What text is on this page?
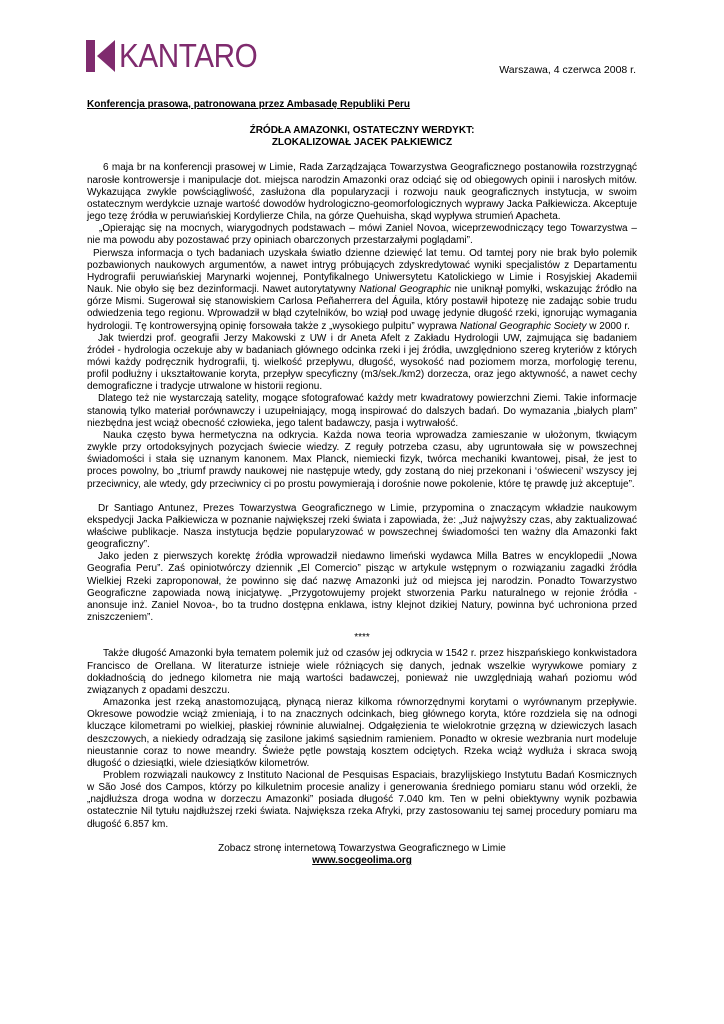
KANTARO	Warszawa, 4 czerwca 2008 r.
Konferencja prasowa, patronowana przez Ambasadę Republiki Peru
ŹRÓDŁA AMAZONKI, OSTATECZNY WERDYKT:
ZLOKALIZOWAŁ JACEK PAŁKIEWICZ

6 maja br na konferencji prasowej w Limie, Rada Zarządzająca Towarzystwa Geograficznego postanowiła rozstrzygnąć narosłe kontrowersje i manipulacje dot. miejsca narodzin Amazonki oraz odciąć się od obiegowych opinii i narosłych mitów. Wykazująca zwykle powściągliwość, zasłużona dla popularyzacji i rozwoju nauk geograficznych instytucja, w swoim ostatecznym werdykcie uznaje wartość dowodów hydrologiczno-geomorfologicznych wyprawy Jacka Pałkiewicza. Akceptuje jego tezę źródła w peruwiańskiej Kordylierze Chila, na górze Quehuisha, skąd wypływa strumień Apacheta.

„Opierając się na mocnych, wiarygodnych podstawach – mówi Zaniel Novoa, wiceprzewodniczący tego Towarzystwa – nie ma powodu aby pozostawać przy opiniach obarczonych przestarzałymi poglądami”.

Pierwsza informacja o tych badaniach uzyskała światło dzienne dziewięć lat temu. Od tamtej pory nie brak było polemik pozbawionych naukowych argumentów, a nawet intryg próbujących zdyskredytować wyniki specjalistów z Departamentu Hydrografii peruwiańskiej Marynarki wojennej, Pontyfikalnego Uniwersytetu Katolickiego w Limie i Rosyjskiej Akademii Nauk. Nie obyło się bez dezinformacji. Nawet autorytatywny National Geographic nie uniknął pomyłki, wskazując źródło na górze Mismi. Sugerował się stanowiskiem Carlosa Peñaherrera del Águila, który postawił hipotezę nie zadając sobie trudu odwiedzenia tego regionu. Wprowadził w błąd czytelników, bo wziął pod uwagę jedynie długość rzeki, ignorując wymagania hydrologii. Tę kontrowersyjną opinię forsowała także z „wysokiego pulpitu” wyprawa National Geographic Society w 2000 r.

Jak twierdzi prof. geografii Jerzy Makowski z UW i dr Aneta Afelt z Zakładu Hydrologii UW, zajmująca się badaniem źródeł - hydrologia oczekuje aby w badaniach głównego odcinka rzeki i jej źródła, uwzględniono szereg kryteriów z których mówi każdy podręcznik hydrografii, tj. wielkość przepływu, długość, wysokość nad poziomem morza, morfologię terenu, profil podłużny i ukształtowanie koryta, przepływ specyficzny (m3/sek./km2) dorzecza, oraz jego aktywność, a nawet cechy demograficzne i tradycje utrwalone w historii regionu.

Dlatego też nie wystarczają satelity, mogące sfotografować każdy metr kwadratowy powierzchni Ziemi. Takie informacje stanowią tylko materiał porównawczy i uzupełniający, mogą inspirować do dalszych badań. Do wymazania „białych plam” niezbędna jest wciąż obecność człowieka, jego talent badawczy, pasja i wytrwałość.

Nauka często bywa hermetyczna na odkrycia. Każda nowa teoria wprowadza zamieszanie w ułożonym, tkwiącym zwykle przy ortodoksyjnych pozycjach świecie wiedzy. Z reguły potrzeba czasu, aby ugruntowała się w powszechnej świadomości i stała się uznanym kanonem. Max Planck, niemiecki fizyk, twórca mechaniki kwantowej, pisał, że jest to proces powolny, bo „triumf prawdy naukowej nie następuje wtedy, gdy zostaną do niej przekonani i ‘oświeceni’ wszyscy jej przeciwnicy, ale wtedy, gdy przeciwnicy ci po prostu powymierają i dorośnie nowe pokolenie, które tę prawdę już akceptuje”.

Dr Santiago Antunez, Prezes Towarzystwa Geograficznego w Limie, przypomina o znaczącym wkładzie naukowym ekspedycji Jacka Pałkiewicza w poznanie największej rzeki świata i zapowiada, że: „Już najwyższy czas, aby zaktualizować właściwe publikacje. Nasza instytucja będzie popularyzować w powszechnej świadomości ten ważny dla Amazonki fakt geograficzny”.

Jako jeden z pierwszych korektę źródła wprowadził niedawno limeński wydawca Milla Batres w encyklopedii „Nowa Geografia Peru”. Zaś opiniotwórczy dziennik „El Comercio” pisząc w artykule wstępnym o rozwiązaniu zagadki źródła Wielkiej Rzeki zaproponował, że powinno się dać nazwę Amazonki już od miejsca jej narodzin. Ponadto Towarzystwo Geograficzne zapowiada nową inicjatywę. „Przygotowujemy projekt stworzenia Parku naturalnego w rejonie źródła - anonsuje inż. Zaniel Novoa-, bo ta trudno dostępna enklawa, istny klejnot dzikiej Natury, powinna być uchroniona przed zniszczeniem”.

****

Także długość Amazonki była tematem polemik już od czasów jej odkrycia w 1542 r. przez hiszpańskiego konkwistadora Francisco de Orellana. W literaturze istnieje wiele różniących się danych, jednak wszelkie wyrywkowe pomiary z dokładnością do jednego kilometra nie mają wartości badawczej, ponieważ nie uwzględniają wahań poziomu wód związanych z opadami deszczu.

Amazonka jest rzeką anastomozującą, płynącą nieraz kilkoma równorzędnymi korytami o wyrównanym przepływie. Okresowe powodzie wciąż zmieniają, i to na znacznych odcinkach, bieg głównego koryta, które rozdziela się na odnogi kluczące kilometrami po wielkiej, płaskiej równinie aluwialnej. Odgałęzienia te wielokrotnie grzęzną w dziewiczych lasach deszczowych, a niekiedy odradzają się zasilone jakimś sąsiednim ramieniem. Ponadto w okresie wezbrania nurt modeluje nieustannie coraz to nowe meandry. Świeże pętle powstają kosztem odciętych. Rzeka wciąż wydłuża i skraca swoją długość o dziesiątki, wiele dziesiątków kilometrów.

Problem rozwiązali naukowcy z Instituto Nacional de Pesquisas Espaciais, brazylijskiego Instytutu Badań Kosmicznych w São José dos Campos, którzy po kilkuletnim procesie analizy i generowania średniego pomiaru stanu wód orzekli, że „najdłuższa droga wodna w dorzeczu Amazonki” posiada długość 7.040 km. Ten w pełni obiektywny wynik pozbawia ostatecznie Nil tytułu najdłuższej rzeki świata. Największa rzeka Afryki, przy zastosowaniu tej samej procedury pomiaru ma długość 6.857 km.

Zobacz stronę internetową Towarzystwa Geograficznego w Limie
www.socgeolima.org
